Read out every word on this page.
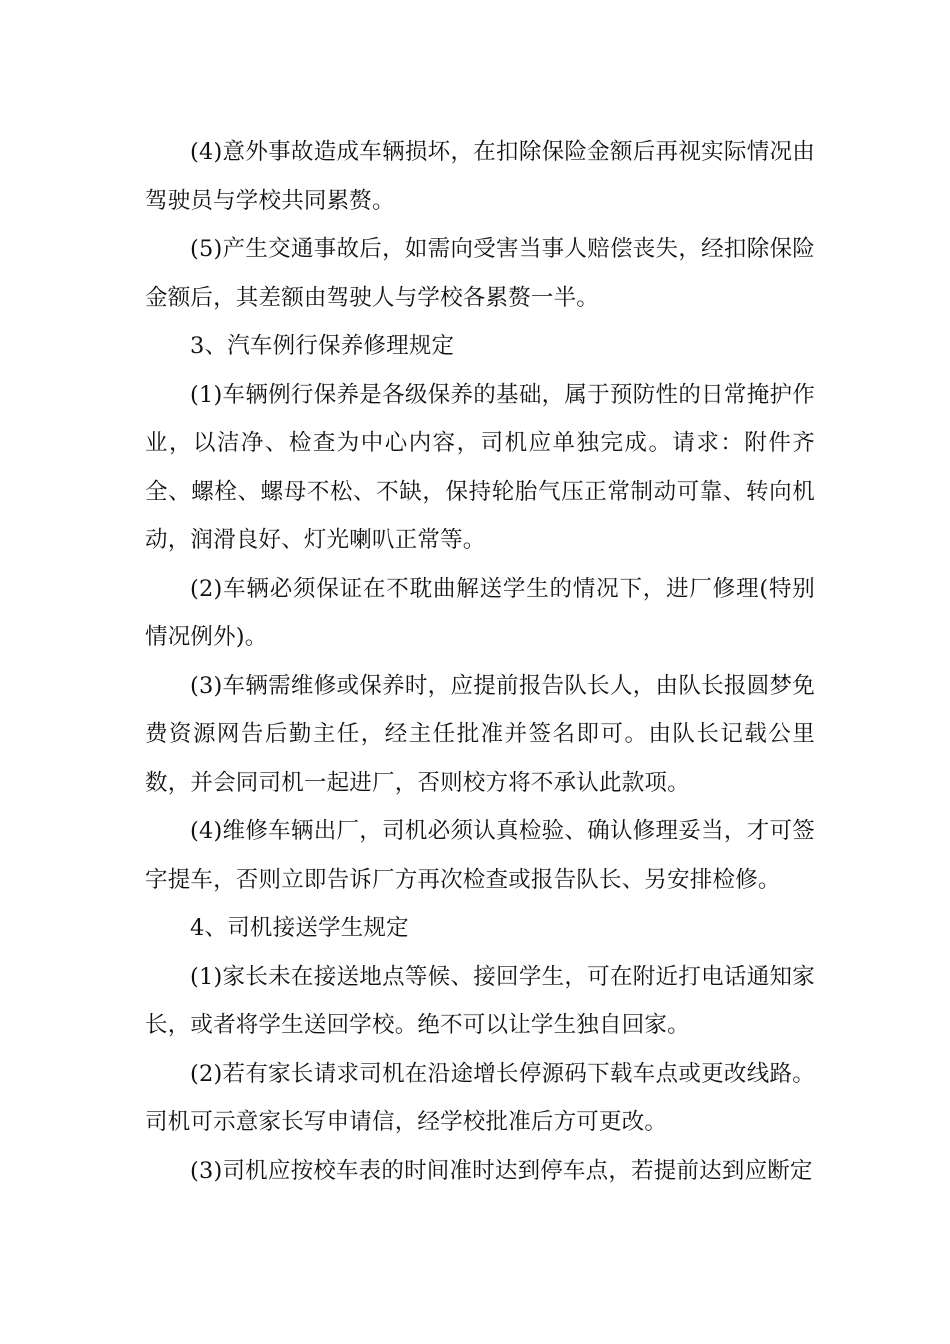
(4)意外事故造成车辆损坏，在扣除保险金额后再视实际情况由驾驶员与学校共同累赘。

(5)产生交通事故后，如需向受害当事人赔偿丧失，经扣除保险金额后，其差额由驾驶人与学校各累赘一半。

3、汽车例行保养修理规定

(1)车辆例行保养是各级保养的基础，属于预防性的日常掩护作业，以洁净、检查为中心内容，司机应单独完成。请求：附件齐全、螺栓、螺母不松、不缺，保持轮胎气压正常制动可靠、转向机动，润滑良好、灯光喇叭正常等。

(2)车辆必须保证在不耽曲解送学生的情况下，进厂修理(特别情况例外)。

(3)车辆需维修或保养时，应提前报告队长人，由队长报圆梦免费资源网告后勤主任，经主任批准并签名即可。由队长记载公里数，并会同司机一起进厂，否则校方将不承认此款项。

(4)维修车辆出厂，司机必须认真检验、确认修理妥当，才可签字提车，否则立即告诉厂方再次检查或报告队长、另安排检修。

4、司机接送学生规定

(1)家长未在接送地点等候、接回学生，可在附近打电话通知家长，或者将学生送回学校。绝不可以让学生独自回家。

(2)若有家长请求司机在沿途增长停源码下载车点或更改线路。司机可示意家长写申请信，经学校批准后方可更改。

(3)司机应按校车表的时间准时达到停车点，若提前达到应断定
